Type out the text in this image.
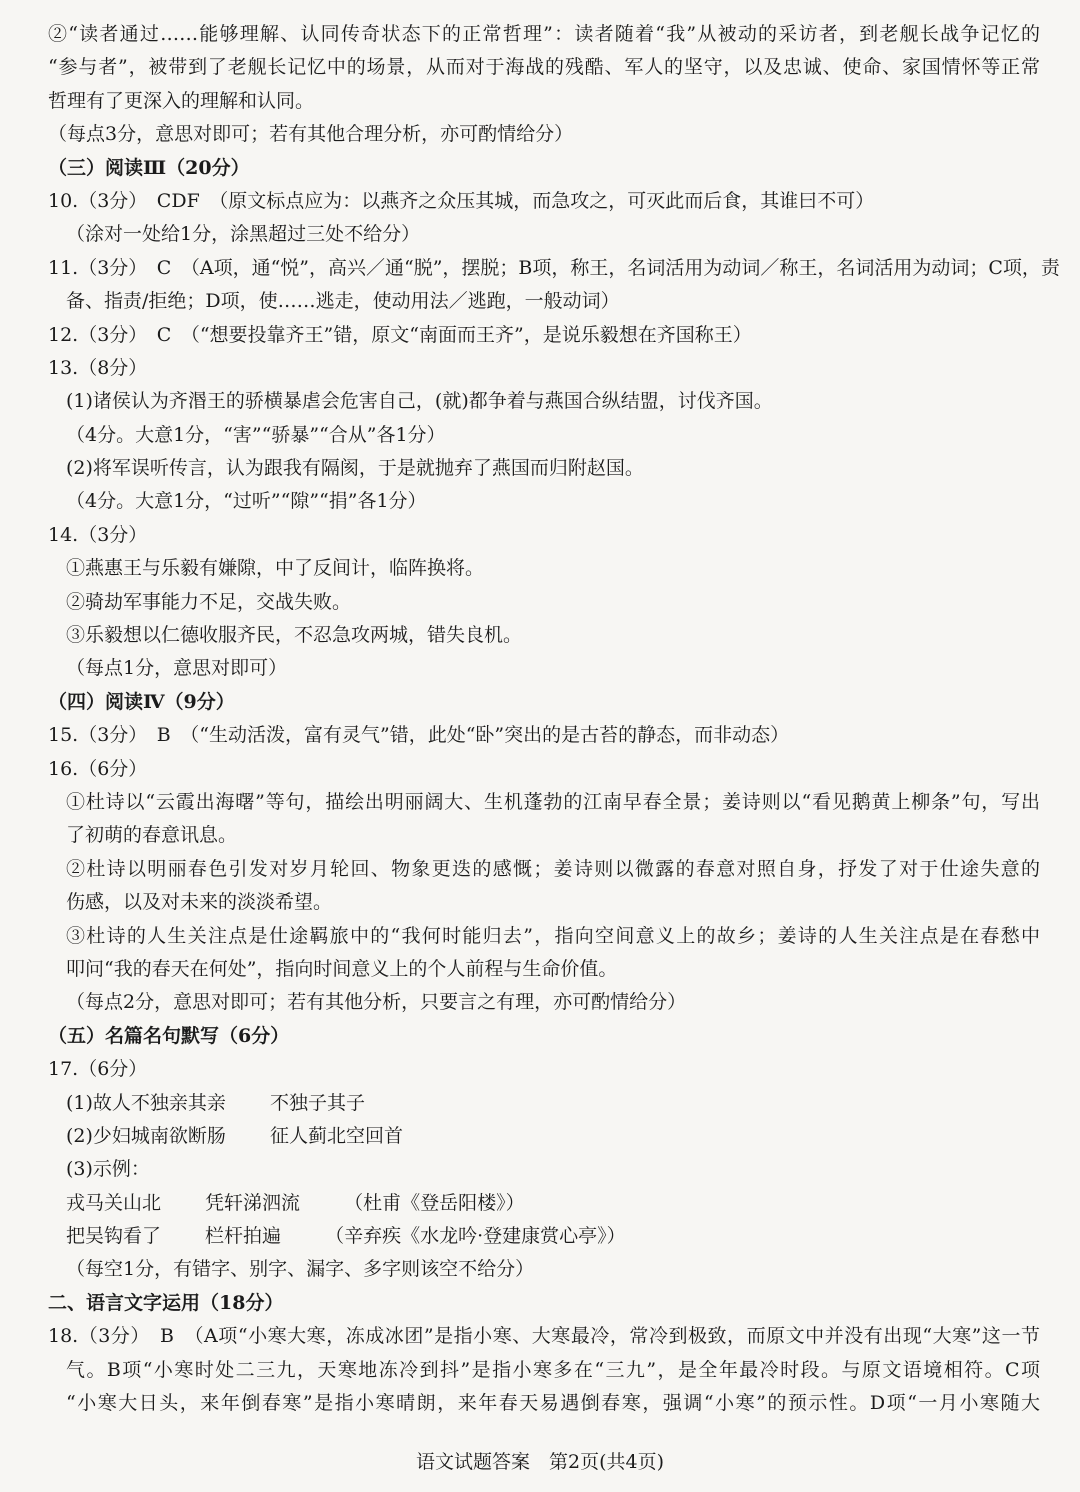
②“读者通过……能够理解、认同传奇状态下的正常哲理”：读者随着“我”从被动的采访者，到老舰长战争记忆的
“参与者”，被带到了老舰长记忆中的场景，从而对于海战的残酷、军人的坚守，以及忠诚、使命、家国情怀等正常
哲理有了更深入的理解和认同。
（每点3分，意思对即可；若有其他合理分析，亦可酌情给分）
（三）阅读Ⅲ（20分）
10.（3分）　CDF　（原文标点应为：以燕齐之众压其城，而急攻之，可灭此而后食，其谁曰不可）
（涂对一处给1分，涂黑超过三处不给分）
11.（3分）　C　（A项，通“悦”，高兴／通“脱”，摆脱；B项，称王，名词活用为动词／称王，名词活用为动词；C项，责
备、指责/拒绝；D项，使……逃走，使动用法／逃跑，一般动词）
12.（3分）　C　（“想要投靠齐王”错，原文“南面而王齐”，是说乐毅想在齐国称王）
13.（8分）
(1)诸侯认为齐湣王的骄横暴虐会危害自己，(就)都争着与燕国合纵结盟，讨伐齐国。
（4分。大意1分，“害”“骄暴”“合从”各1分）
(2)将军误听传言，认为跟我有隔阂，于是就抛弃了燕国而归附赵国。
（4分。大意1分，“过听”“隙”“捐”各1分）
14.（3分）
①燕惠王与乐毅有嫌隙，中了反间计，临阵换将。
②骑劫军事能力不足，交战失败。
③乐毅想以仁德收服齐民，不忍急攻两城，错失良机。
（每点1分，意思对即可）
（四）阅读Ⅳ（9分）
15.（3分）　B　（“生动活泼，富有灵气”错，此处“卧”突出的是古苔的静态，而非动态）
16.（6分）
①杜诗以“云霞出海曙”等句，描绘出明丽阔大、生机蓬勃的江南早春全景；姜诗则以“看见鹅黄上柳条”句，写出
了初萌的春意讯息。
②杜诗以明丽春色引发对岁月轮回、物象更迭的感慨；姜诗则以微露的春意对照自身，抒发了对于仕途失意的
伤感，以及对未来的淡淡希望。
③杜诗的人生关注点是仕途羁旅中的“我何时能归去”，指向空间意义上的故乡；姜诗的人生关注点是在春愁中
叩问“我的春天在何处”，指向时间意义上的个人前程与生命价值。
（每点2分，意思对即可；若有其他分析，只要言之有理，亦可酌情给分）
（五）名篇名句默写（6分）
17.（6分）
(1)故人不独亲其亲　　 不独子其子
(2)少妇城南欲断肠　　 征人蓟北空回首
(3)示例：
戎马关山北　　 凭轩涕泗流　　 （杜甫《登岳阳楼》）
把吴钩看了　　 栏杆拍遍　　 （辛弃疾《水龙吟·登建康赏心亭》）
（每空1分，有错字、别字、漏字、多字则该空不给分）
二、语言文字运用（18分）
18.（3分）　B　（A项“小寒大寒，冻成冰团”是指小寒、大寒最冷，常冷到极致，而原文中并没有出现“大寒”这一节
气。B项“小寒时处二三九，天寒地冻冷到抖”是指小寒多在“三九”，是全年最冷时段。与原文语境相符。C项
“小寒大日头，来年倒春寒”是指小寒晴朗，来年春天易遇倒春寒，强调“小寒”的预示性。D项“一月小寒随大
语文试题答案　第2页(共4页)
